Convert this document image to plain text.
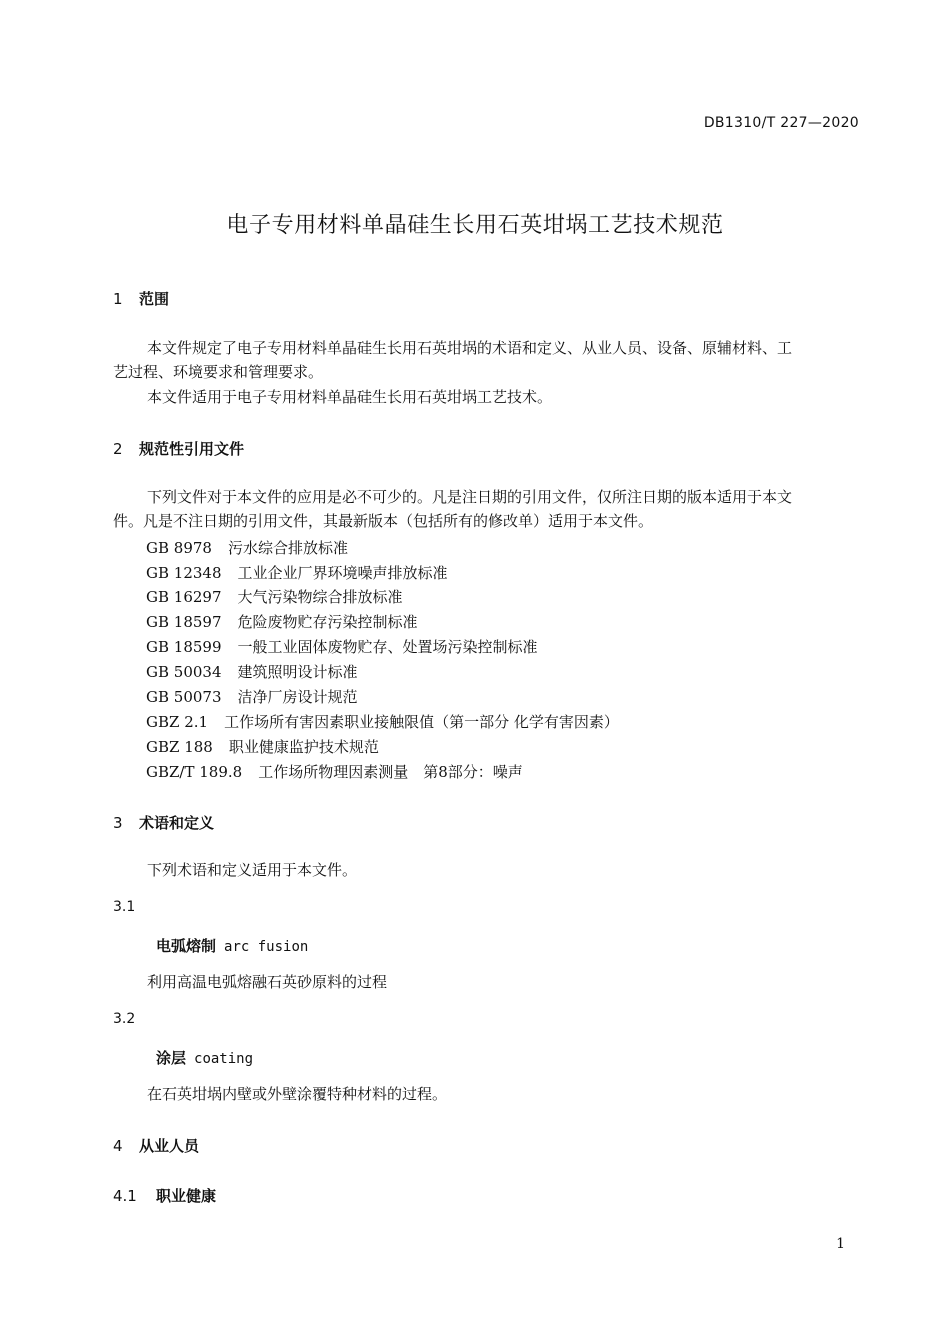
DB1310/T 227—2020
电子专用材料单晶硅生长用石英坩埚工艺技术规范
1 范围
本文件规定了电子专用材料单晶硅生长用石英坩埚的术语和定义、从业人员、设备、原辅材料、工
艺过程、环境要求和管理要求。
本文件适用于电子专用材料单晶硅生长用石英坩埚工艺技术。
2 规范性引用文件
下列文件对于本文件的应用是必不可少的。凡是注日期的引用文件，仅所注日期的版本适用于本文
件。凡是不注日期的引用文件，其最新版本（包括所有的修改单）适用于本文件。
GB 8978 污水综合排放标准
GB 12348 工业企业厂界环境噪声排放标准
GB 16297 大气污染物综合排放标准
GB 18597 危险废物贮存污染控制标准
GB 18599 一般工业固体废物贮存、处置场污染控制标准
GB 50034 建筑照明设计标准
GB 50073 洁净厂房设计规范
GBZ 2.1 工作场所有害因素职业接触限值（第一部分 化学有害因素）
GBZ 188 职业健康监护技术规范
GBZ/T 189.8 工作场所物理因素测量　第8部分：噪声
3 术语和定义
下列术语和定义适用于本文件。
3.1
电弧熔制 arc fusion
利用高温电弧熔融石英砂原料的过程
3.2
涂层 coating
在石英坩埚内壁或外壁涂覆特种材料的过程。
4 从业人员
4.1 职业健康
1
